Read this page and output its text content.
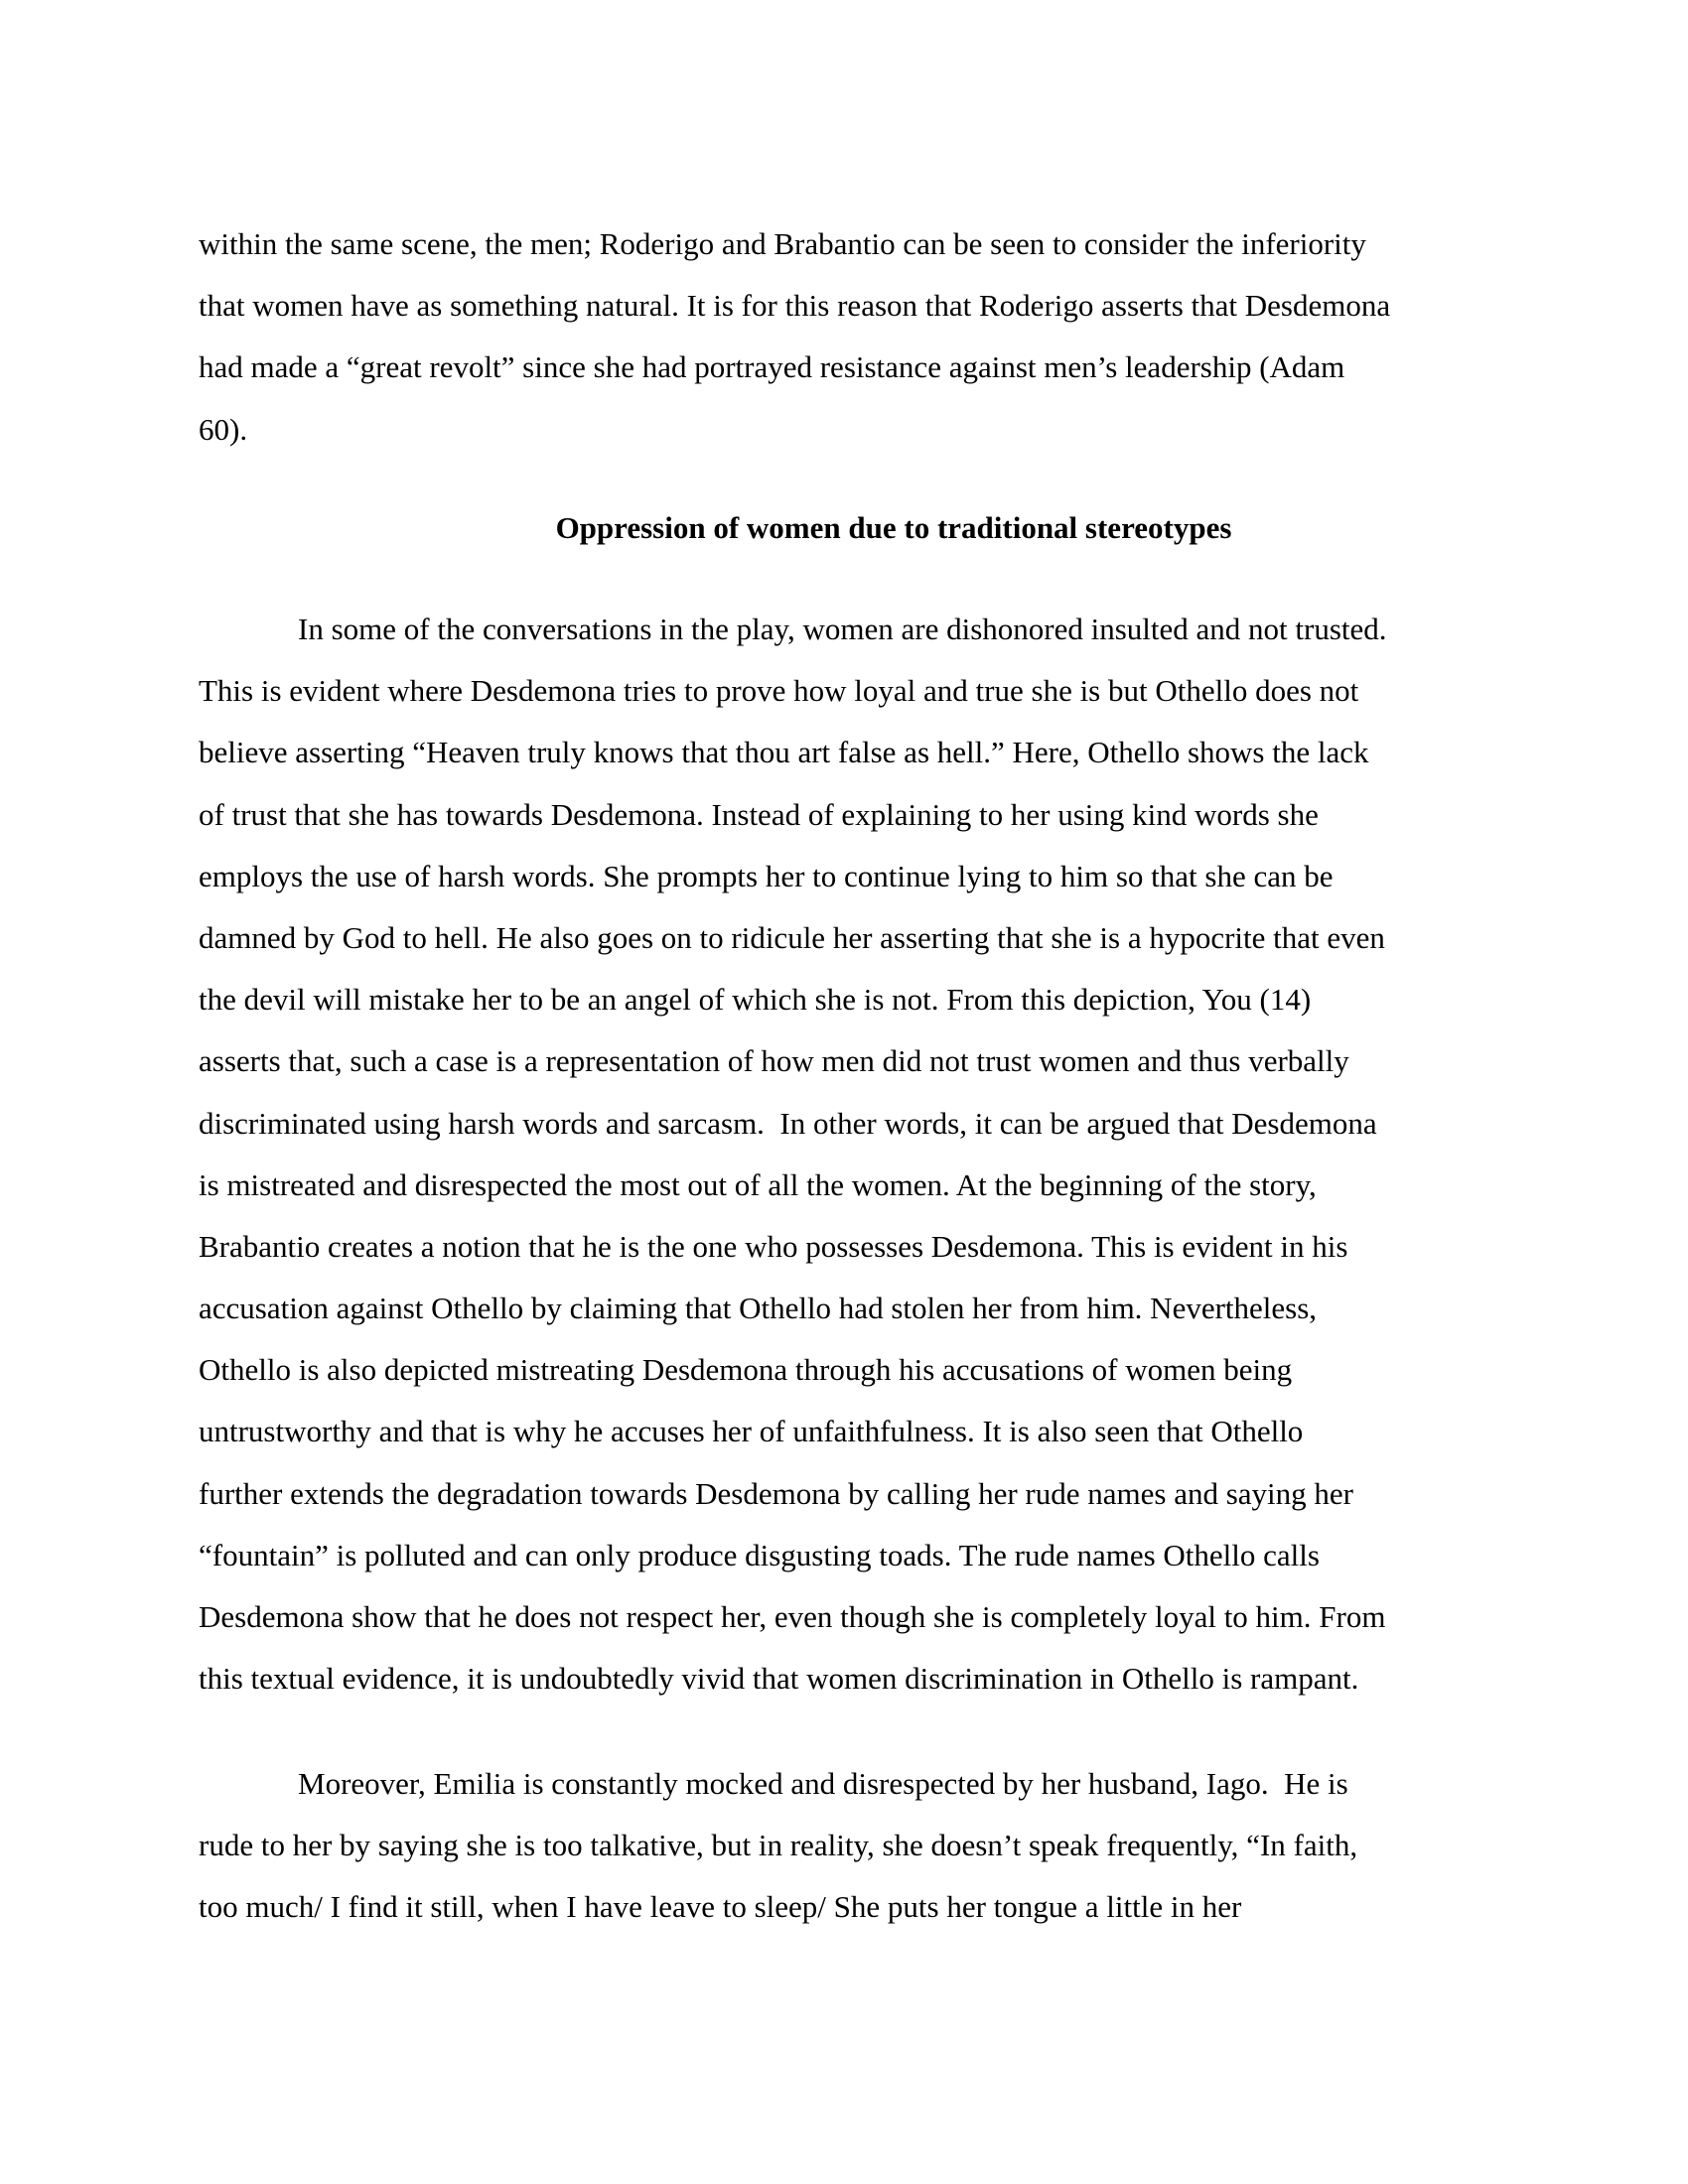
within the same scene, the men; Roderigo and Brabantio can be seen to consider the inferiority
that women have as something natural. It is for this reason that Roderigo asserts that Desdemona
had made a “great revolt” since she had portrayed resistance against men’s leadership (Adam
60).
Oppression of women due to traditional stereotypes
In some of the conversations in the play, women are dishonored insulted and not trusted.
This is evident where Desdemona tries to prove how loyal and true she is but Othello does not
believe asserting “Heaven truly knows that thou art false as hell.” Here, Othello shows the lack
of trust that she has towards Desdemona. Instead of explaining to her using kind words she
employs the use of harsh words. She prompts her to continue lying to him so that she can be
damned by God to hell. He also goes on to ridicule her asserting that she is a hypocrite that even
the devil will mistake her to be an angel of which she is not. From this depiction, You (14)
asserts that, such a case is a representation of how men did not trust women and thus verbally
discriminated using harsh words and sarcasm.  In other words, it can be argued that Desdemona
is mistreated and disrespected the most out of all the women. At the beginning of the story,
Brabantio creates a notion that he is the one who possesses Desdemona. This is evident in his
accusation against Othello by claiming that Othello had stolen her from him. Nevertheless,
Othello is also depicted mistreating Desdemona through his accusations of women being
untrustworthy and that is why he accuses her of unfaithfulness. It is also seen that Othello
further extends the degradation towards Desdemona by calling her rude names and saying her
“fountain” is polluted and can only produce disgusting toads. The rude names Othello calls
Desdemona show that he does not respect her, even though she is completely loyal to him. From
this textual evidence, it is undoubtedly vivid that women discrimination in Othello is rampant.
Moreover, Emilia is constantly mocked and disrespected by her husband, Iago.  He is
rude to her by saying she is too talkative, but in reality, she doesn’t speak frequently, “In faith,
too much/ I find it still, when I have leave to sleep/ She puts her tongue a little in her
